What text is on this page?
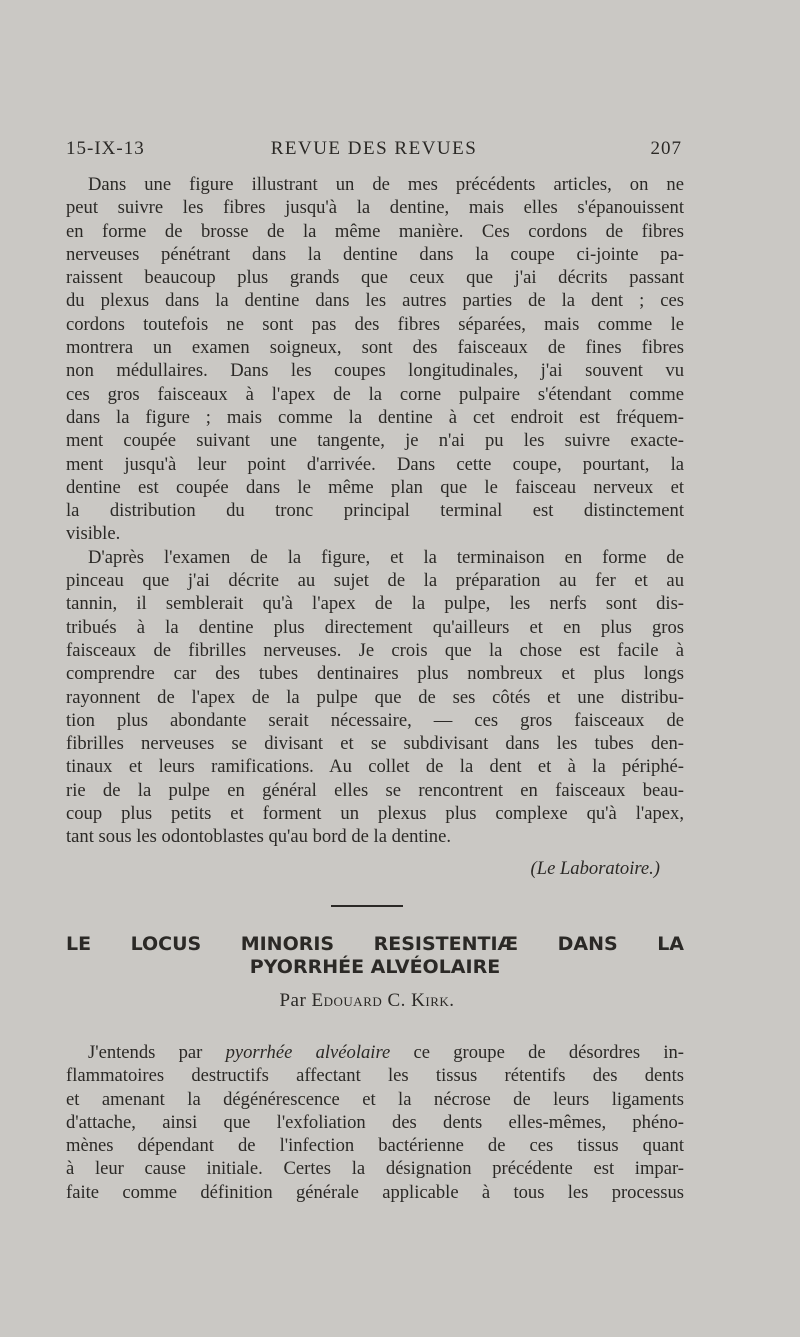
15-IX-13	REVUE DES REVUES	207
Dans une figure illustrant un de mes précédents articles, on ne
peut suivre les fibres jusqu'à la dentine, mais elles s'épanouissent
en forme de brosse de la même manière. Ces cordons de fibres
nerveuses pénétrant dans la dentine dans la coupe ci-jointe pa-
raissent beaucoup plus grands que ceux que j'ai décrits passant
du plexus dans la dentine dans les autres parties de la dent ; ces
cordons toutefois ne sont pas des fibres séparées, mais comme le
montrera un examen soigneux, sont des faisceaux de fines fibres
non médullaires. Dans les coupes longitudinales, j'ai souvent vu
ces gros faisceaux à l'apex de la corne pulpaire s'étendant comme
dans la figure ; mais comme la dentine à cet endroit est fréquem-
ment coupée suivant une tangente, je n'ai pu les suivre exacte-
ment jusqu'à leur point d'arrivée. Dans cette coupe, pourtant, la
dentine est coupée dans le même plan que le faisceau nerveux et
la distribution du tronc principal terminal est distinctement
visible.
D'après l'examen de la figure, et la terminaison en forme de
pinceau que j'ai décrite au sujet de la préparation au fer et au
tannin, il semblerait qu'à l'apex de la pulpe, les nerfs sont dis-
tribués à la dentine plus directement qu'ailleurs et en plus gros
faisceaux de fibrilles nerveuses. Je crois que la chose est facile à
comprendre car des tubes dentinaires plus nombreux et plus longs
rayonnent de l'apex de la pulpe que de ses côtés et une distribu-
tion plus abondante serait nécessaire, — ces gros faisceaux de
fibrilles nerveuses se divisant et se subdivisant dans les tubes den-
tinaux et leurs ramifications. Au collet de la dent et à la périphé-
rie de la pulpe en général elles se rencontrent en faisceaux beau-
coup plus petits et forment un plexus plus complexe qu'à l'apex,
tant sous les odontoblastes qu'au bord de la dentine.
(Le Laboratoire.)
LE LOCUS MINORIS RESISTENTIÆ DANS LA
PYORRHÉE ALVÉOLAIRE
Par Edouard C. Kirk.
J'entends par pyorrhée alvéolaire ce groupe de désordres in-
flammatoires destructifs affectant les tissus rétentifs des dents
et amenant la dégénérescence et la nécrose de leurs ligaments
d'attache, ainsi que l'exfoliation des dents elles-mêmes, phéno-
mènes dépendant de l'infection bactérienne de ces tissus quant
à leur cause initiale. Certes la désignation précédente est impar-
faite comme définition générale applicable à tous les processus
